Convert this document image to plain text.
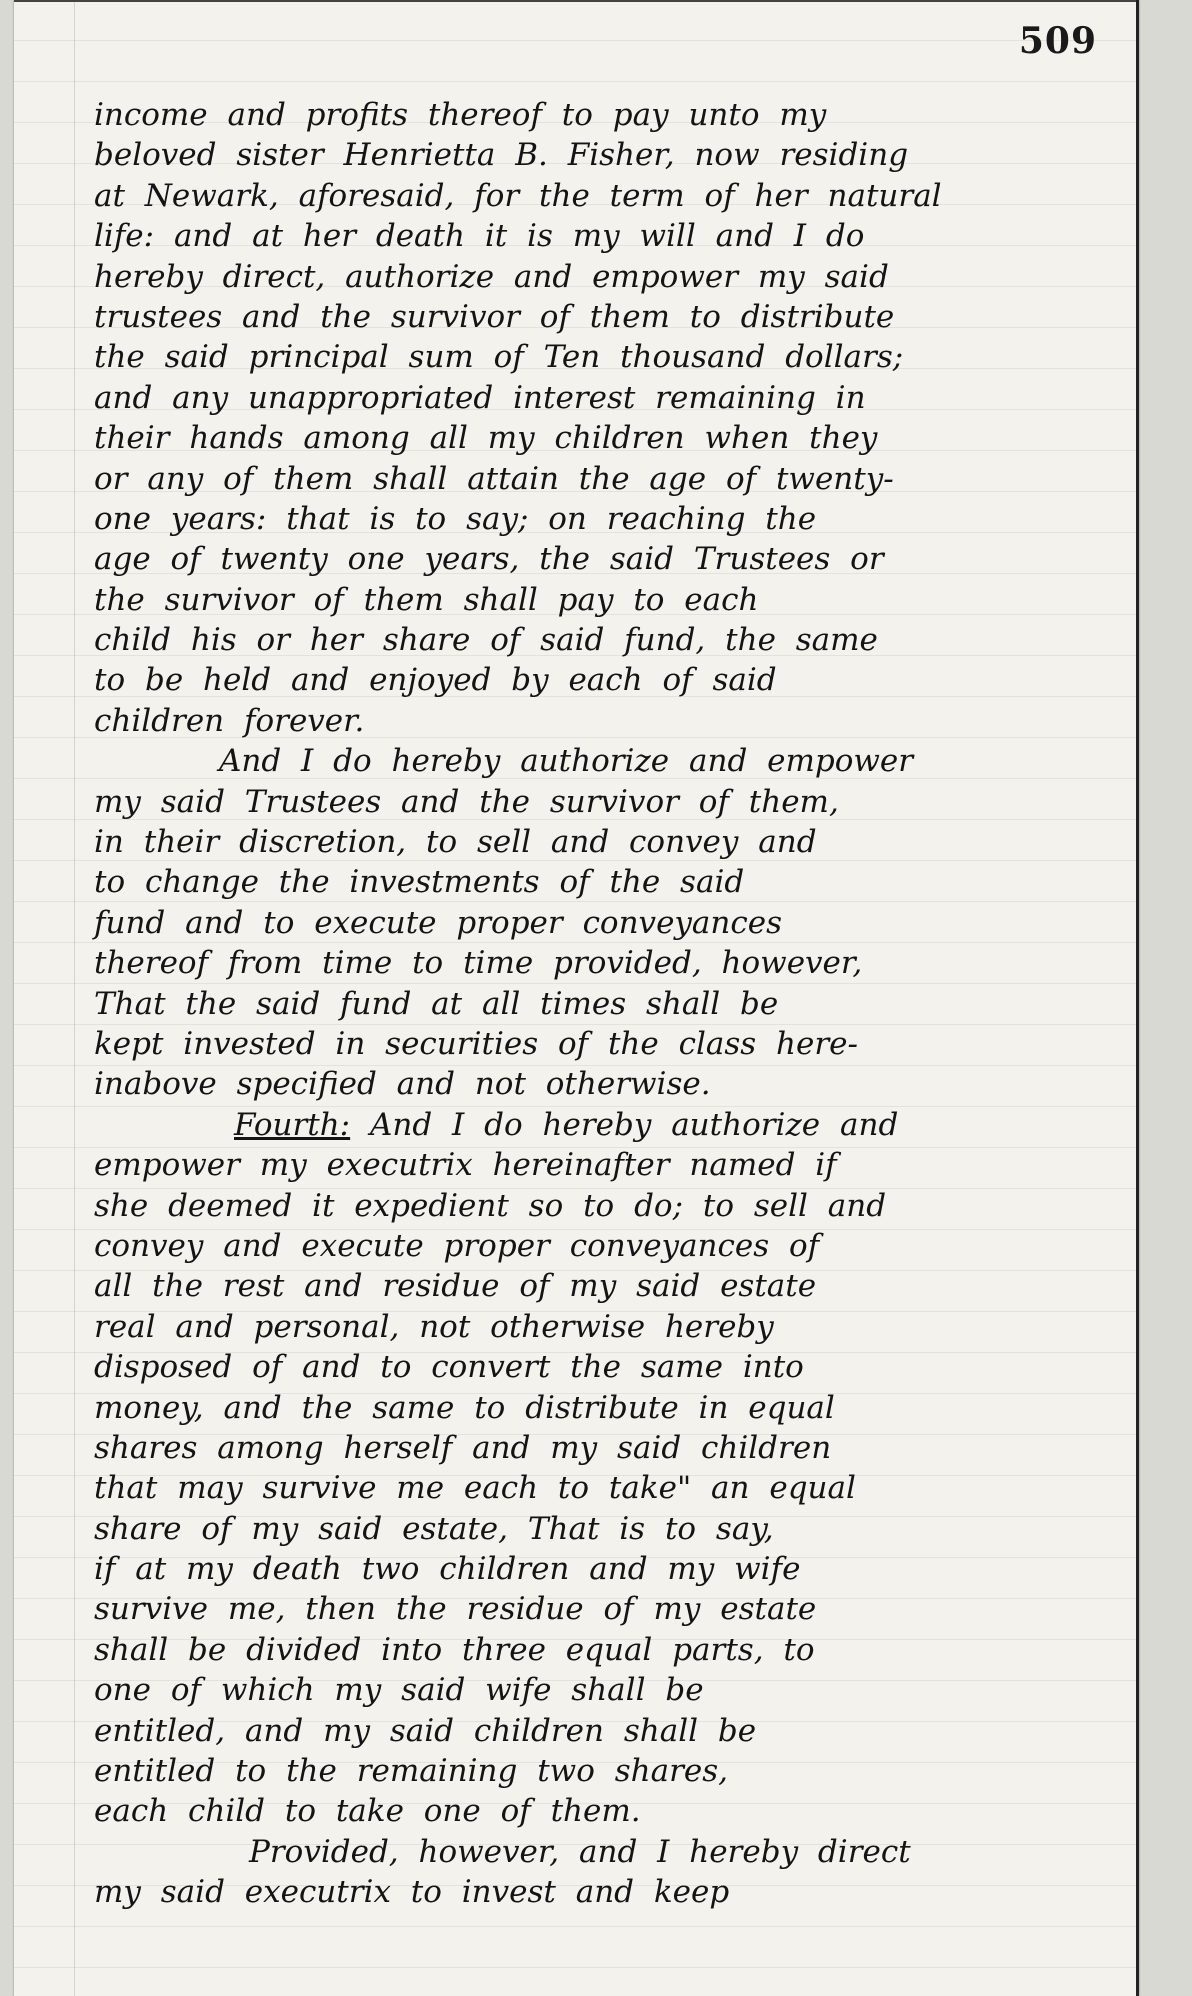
509
income and profits thereof to pay unto my
beloved sister Henrietta B. Fisher, now residing
at Newark, aforesaid, for the term of her natural
life: and at her death it is my will and I do
hereby direct, authorize and empower my said
trustees and the survivor of them to distribute
the said principal sum of Ten thousand dollars;
and any unappropriated interest remaining in
their hands among all my children when they
or any of them shall attain the age of twenty-
one years: that is to say; on reaching the
age of twenty one years, the said Trustees or
the survivor of them shall pay to each
child his or her share of said fund, the same
to be held and enjoyed by each of said
children forever.
And I do hereby authorize and empower
my said Trustees and the survivor of them,
in their discretion, to sell and convey and
to change the investments of the said
fund and to execute proper conveyances
thereof from time to time provided, however,
That the said fund at all times shall be
kept invested in securities of the class here-
inabove specified and not otherwise.
Fourth: And I do hereby authorize and
empower my executrix hereinafter named if
she deemed it expedient so to do; to sell and
convey and execute proper conveyances of
all the rest and residue of my said estate
real and personal, not otherwise hereby
disposed of and to convert the same into
money, and the same to distribute in equal
shares among herself and my said children
that may survive me each to take" an equal
share of my said estate, That is to say,
if at my death two children and my wife
survive me, then the residue of my estate
shall be divided into three equal parts, to
one of which my said wife shall be
entitled, and my said children shall be
entitled to the remaining two shares,
each child to take one of them.
Provided, however, and I hereby direct
my said executrix to invest and keep
